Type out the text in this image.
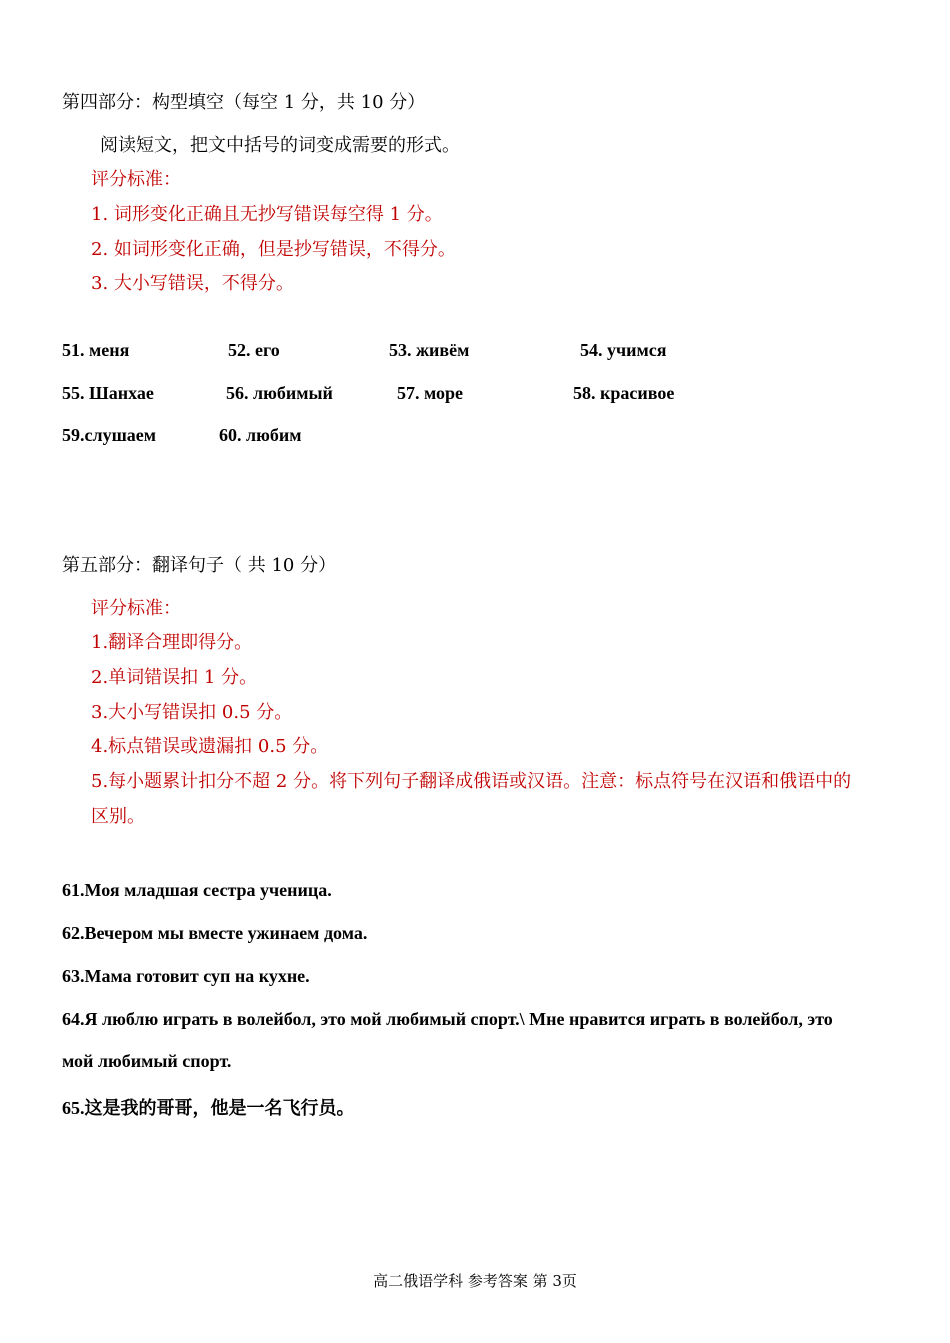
第四部分：构型填空（每空 1 分，共 10 分）
阅读短文，把文中括号的词变成需要的形式。
评分标准：
1. 词形变化正确且无抄写错误每空得 1 分。
2. 如词形变化正确，但是抄写错误，不得分。
3. 大小写错误，不得分。
51. меня	52. его	53. живём	54. учимся
55. Шанхае	56. любимый	57. море	58. красивое
59.слушаем	60. любим
第五部分：翻译句子（ 共 10 分）
评分标准：
1.翻译合理即得分。
2.单词错误扣 1 分。
3.大小写错误扣 0.5 分。
4.标点错误或遗漏扣 0.5 分。
5.每小题累计扣分不超 2 分。将下列句子翻译成俄语或汉语。注意：标点符号在汉语和俄语中的
区别。
61.Моя младшая сестра ученица.
62.Вечером мы вместе ужинаем дома.
63.Мама готовит суп на кухне.
64.Я люблю играть в волейбол, это мой любимый спорт.\ Мне нравится играть в волейбол, это
мой любимый спорт.
65.这是我的哥哥，他是一名飞行员。
高二俄语学科 参考答案 第 3页
